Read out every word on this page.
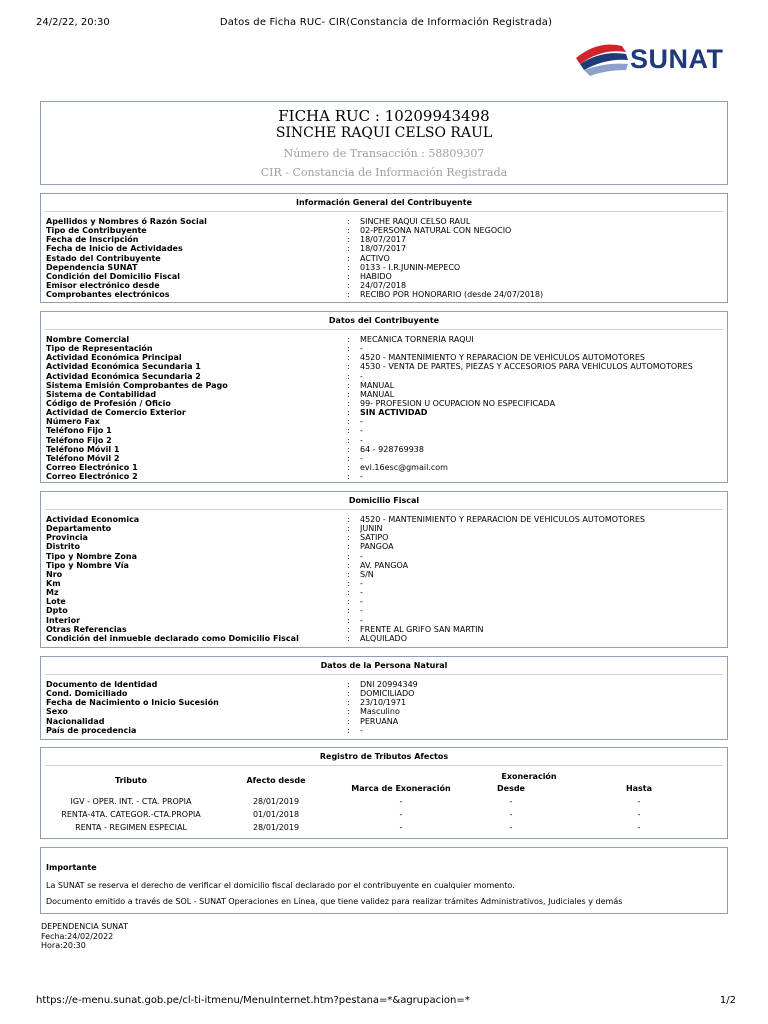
24/2/22, 20:30	Datos de Ficha RUC- CIR(Constancia de Información Registrada)
SUNAT
FICHA RUC : 10209943498
SINCHE RAQUI CELSO RAUL
Número de Transacción : 58809307
CIR - Constancia de Información Registrada
Información General del Contribuyente
Apellidos y Nombres ó Razón Social	:	SINCHE RAQUI CELSO RAUL
Tipo de Contribuyente	:	02-PERSONA NATURAL CON NEGOCIO
Fecha de Inscripción	:	18/07/2017
Fecha de Inicio de Actividades	:	18/07/2017
Estado del Contribuyente	:	ACTIVO
Dependencia SUNAT	:	0133 - I.R.JUNIN-MEPECO
Condición del Domicilio Fiscal	:	HABIDO
Emisor electrónico desde	:	24/07/2018
Comprobantes electrónicos	:	RECIBO POR HONORARIO (desde 24/07/2018)
Datos del Contribuyente
Nombre Comercial	:	MECÁNICA TORNERÍA RAQUI
Tipo de Representación	:	-
Actividad Económica Principal	:	4520 - MANTENIMIENTO Y REPARACIÓN DE VEHÍCULOS AUTOMOTORES
Actividad Económica Secundaria 1	:	4530 - VENTA DE PARTES, PIEZAS Y ACCESORIOS PARA VEHÍCULOS AUTOMOTORES
Actividad Económica Secundaria 2	:	-
Sistema Emisión Comprobantes de Pago	:	MANUAL
Sistema de Contabilidad	:	MANUAL
Código de Profesión / Oficio	:	99- PROFESION U OCUPACION NO ESPECIFICADA
Actividad de Comercio Exterior	:	SIN ACTIVIDAD
Número Fax	:	-
Teléfono Fijo 1	:	-
Teléfono Fijo 2	:	-
Teléfono Móvil 1	:	64 - 928769938
Teléfono Móvil 2	:	-
Correo Electrónico 1	:	evi.16esc@gmail.com
Correo Electrónico 2	:	-
Domicilio Fiscal
Actividad Economica	:	4520 - MANTENIMIENTO Y REPARACIÓN DE VEHÍCULOS AUTOMOTORES
Departamento	:	JUNIN
Provincia	:	SATIPO
Distrito	:	PANGOA
Tipo y Nombre Zona	:	-
Tipo y Nombre Vía	:	AV. PANGOA
Nro	:	S/N
Km	:	-
Mz	:	-
Lote	:	-
Dpto	:	-
Interior	:	-
Otras Referencias	:	FRENTE AL GRIFO SAN MARTIN
Condición del inmueble declarado como Domicilio Fiscal	:	ALQUILADO
Datos de la Persona Natural
Documento de Identidad	:	DNI 20994349
Cond. Domiciliado	:	DOMICILIADO
Fecha de Nacimiento o Inicio Sucesión	:	23/10/1971
Sexo	:	Masculino
Nacionalidad	:	PERUANA
País de procedencia	:	-
Registro de Tributos Afectos
Tributo	Afecto desde	Exoneración		
		Marca de Exoneración	Desde	Hasta
IGV - OPER. INT. - CTA. PROPIA	28/01/2019	-	-	-
RENTA-4TA. CATEGOR.-CTA.PROPIA	01/01/2018	-	-	-
RENTA - REGIMEN ESPECIAL	28/01/2019	-	-	-
Importante
La SUNAT se reserva el derecho de verificar el domicilio fiscal declarado por el contribuyente en cualquier momento.
Documento emitido a través de SOL - SUNAT Operaciones en Línea, que tiene validez para realizar trámites Administrativos, Judiciales y demás
DEPENDENCIA SUNAT
Fecha:24/02/2022
Hora:20:30
https://e-menu.sunat.gob.pe/cl-ti-itmenu/MenuInternet.htm?pestana=*&agrupacion=*	1/2
